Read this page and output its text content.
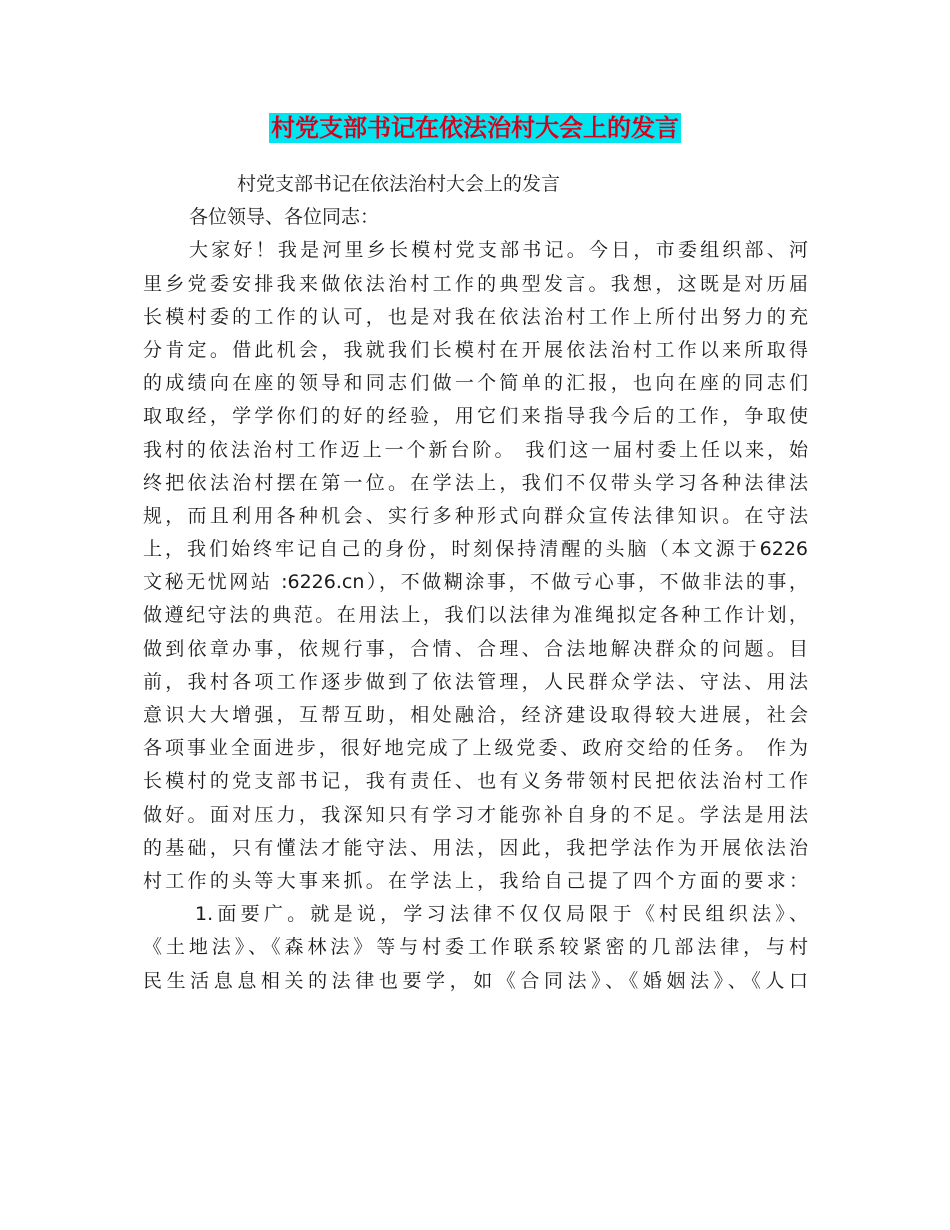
村党支部书记在依法治村大会上的发言
村党支部书记在依法治村大会上的发言
各位领导、各位同志：
大家好！我是河里乡长模村党支部书记。今日，市委组织部、河
里乡党委安排我来做依法治村工作的典型发言。我想，这既是对历届
长模村委的工作的认可，也是对我在依法治村工作上所付出努力的充
分肯定。借此机会，我就我们长模村在开展依法治村工作以来所取得
的成绩向在座的领导和同志们做一个简单的汇报，也向在座的同志们
取取经，学学你们的好的经验，用它们来指导我今后的工作，争取使
我村的依法治村工作迈上一个新台阶。 我们这一届村委上任以来，始
终把依法治村摆在第一位。在学法上，我们不仅带头学习各种法律法
规，而且利用各种机会、实行多种形式向群众宣传法律知识。在守法
上，我们始终牢记自己的身份，时刻保持清醒的头脑（本文源于6226
文秘无忧网站 :6226.cn），不做糊涂事，不做亏心事，不做非法的事，
做遵纪守法的典范。在用法上，我们以法律为准绳拟定各种工作计划，
做到依章办事，依规行事，合情、合理、合法地解决群众的问题。目
前，我村各项工作逐步做到了依法管理，人民群众学法、守法、用法
意识大大增强，互帮互助，相处融洽，经济建设取得较大进展，社会
各项事业全面进步，很好地完成了上级党委、政府交给的任务。 作为
长模村的党支部书记，我有责任、也有义务带领村民把依法治村工作
做好。面对压力，我深知只有学习才能弥补自身的不足。学法是用法
的基础，只有懂法才能守法、用法，因此，我把学法作为开展依法治
村工作的头等大事来抓。在学法上，我给自己提了四个方面的要求：
1.面要广。就是说，学习法律不仅仅局限于《村民组织法》、
《土地法》、《森林法》等与村委工作联系较紧密的几部法律，与村
民生活息息相关的法律也要学，如《合同法》、《婚姻法》、《人口
